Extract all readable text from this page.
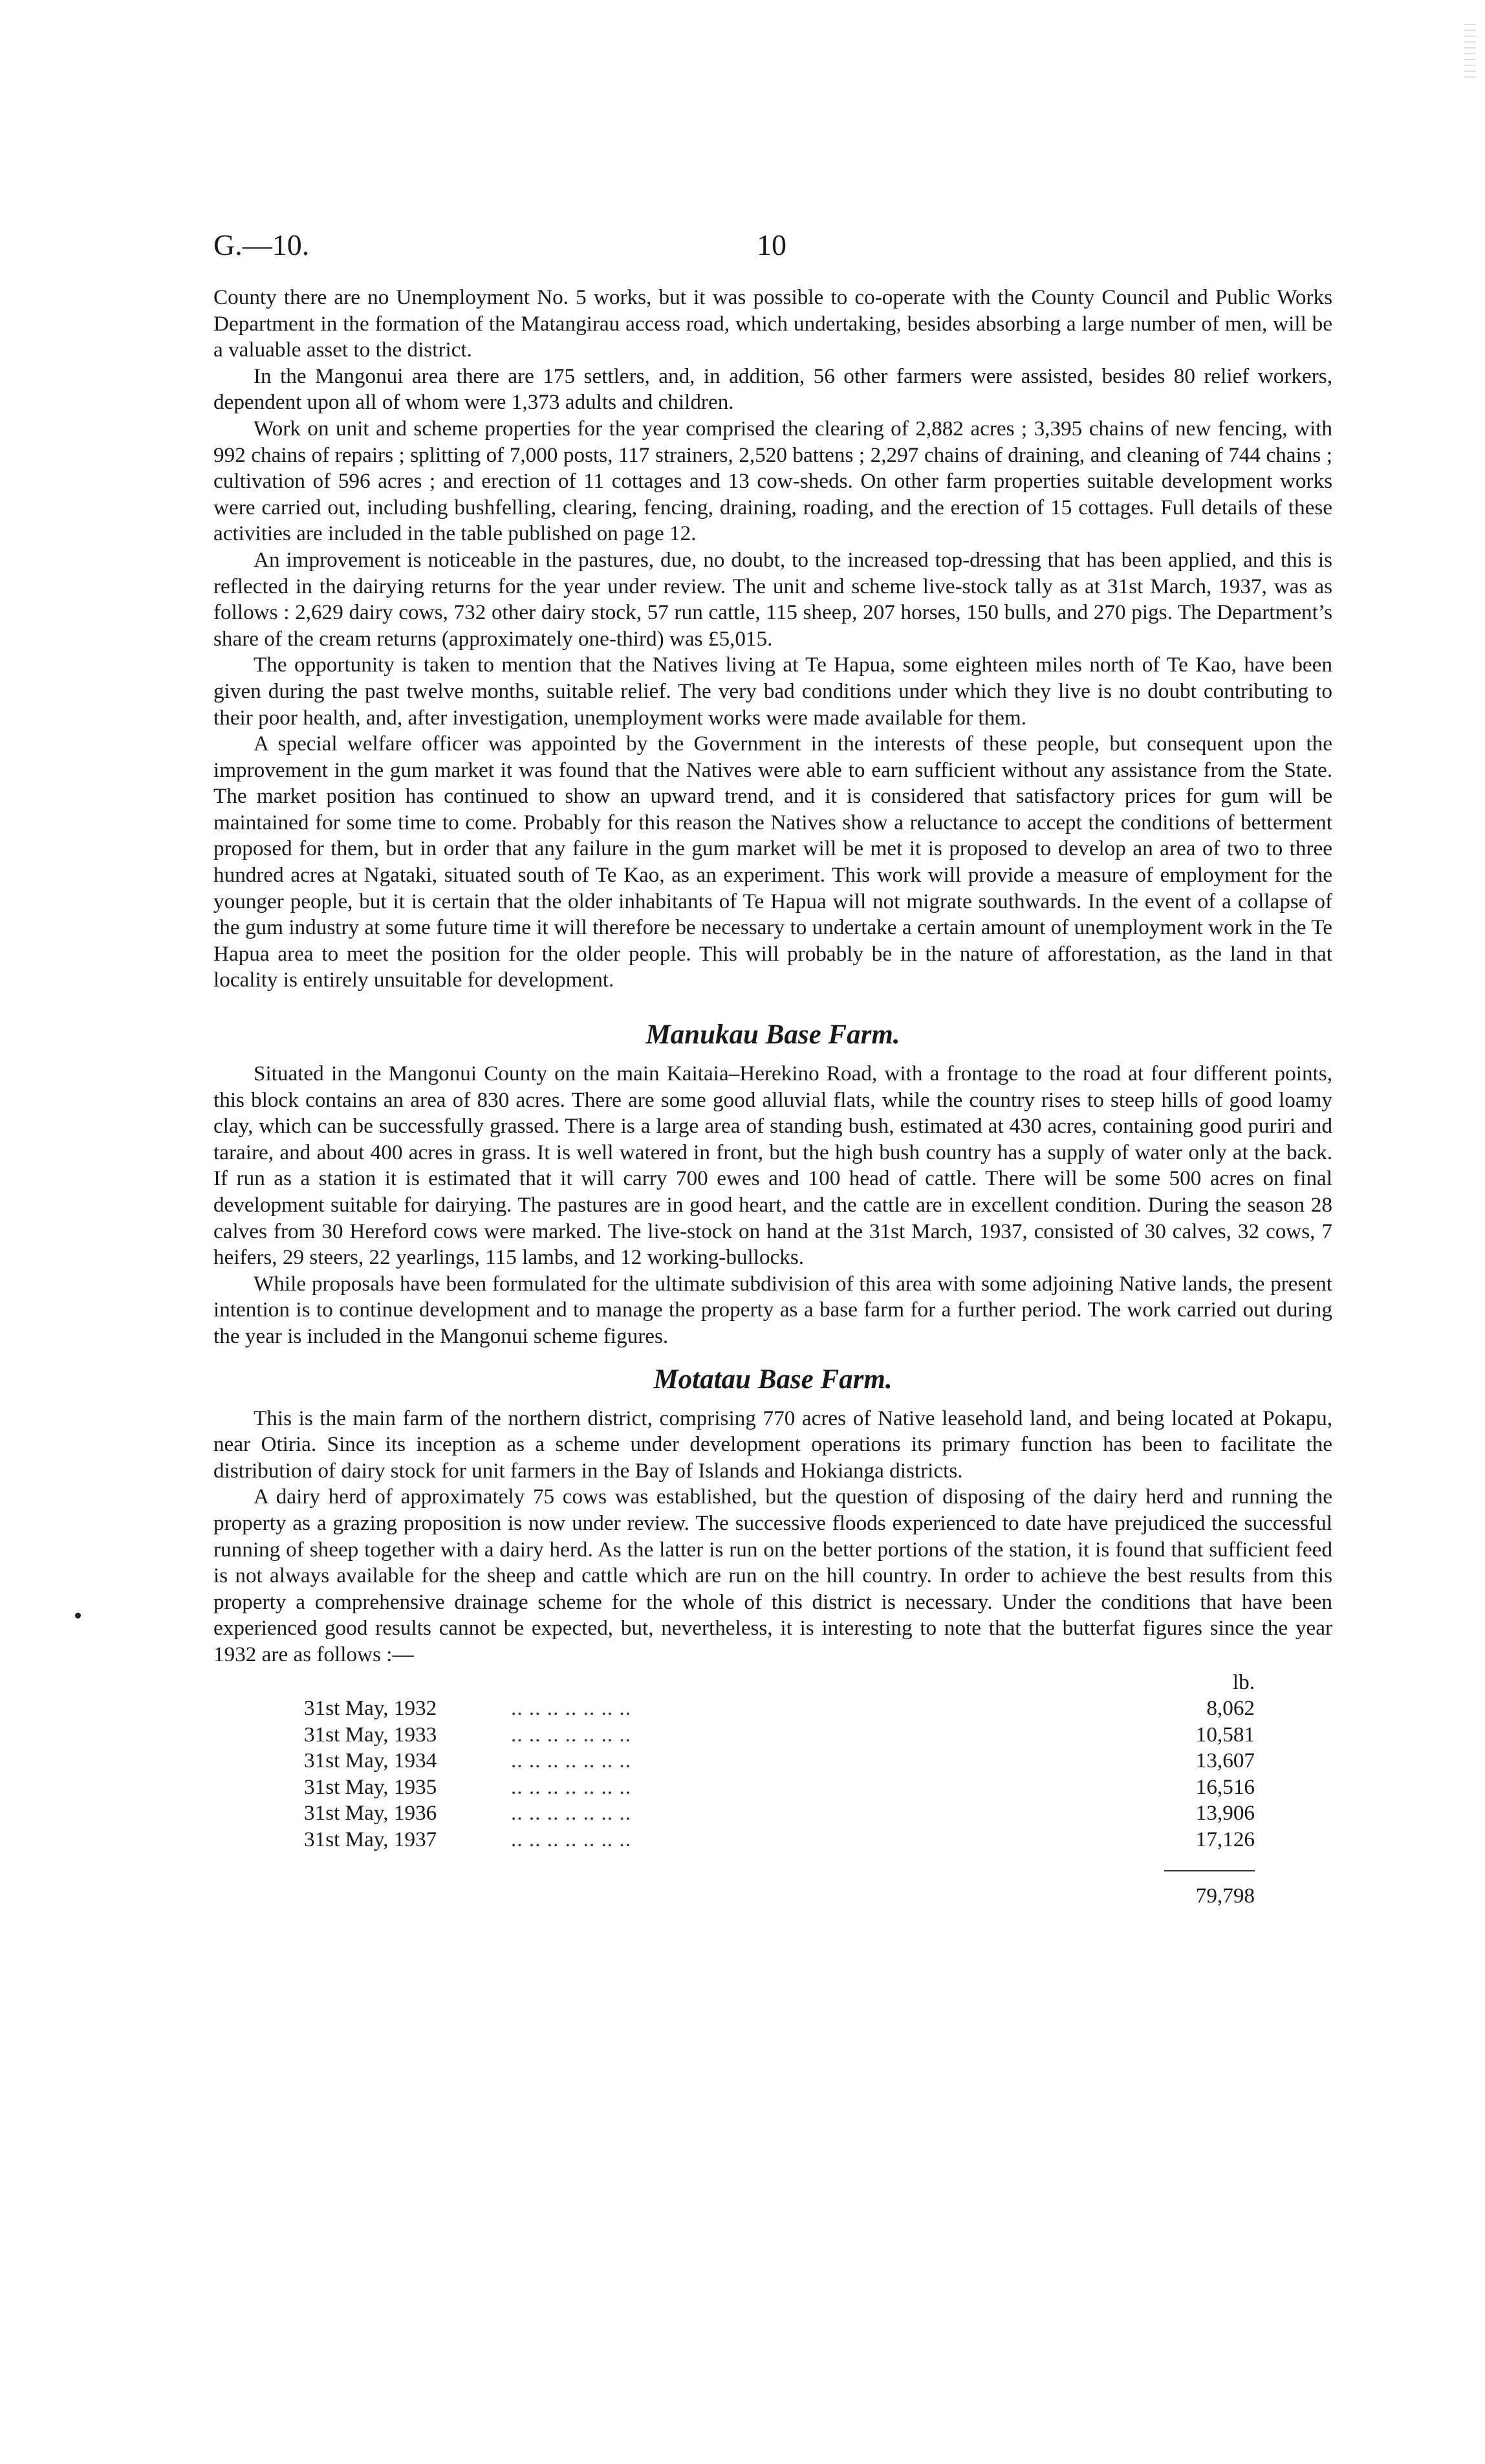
G.—10.	10

County there are no Unemployment No. 5 works, but it was possible to co-operate with the County Council and Public Works Department in the formation of the Matangirau access road, which undertaking, besides absorbing a large number of men, will be a valuable asset to the district.

In the Mangonui area there are 175 settlers, and, in addition, 56 other farmers were assisted, besides 80 relief workers, dependent upon all of whom were 1,373 adults and children.

Work on unit and scheme properties for the year comprised the clearing of 2,882 acres ; 3,395 chains of new fencing, with 992 chains of repairs ; splitting of 7,000 posts, 117 strainers, 2,520 battens ; 2,297 chains of draining, and cleaning of 744 chains ; cultivation of 596 acres ; and erection of 11 cottages and 13 cow-sheds. On other farm properties suitable development works were carried out, including bushfelling, clearing, fencing, draining, roading, and the erection of 15 cottages. Full details of these activities are included in the table published on page 12.

An improvement is noticeable in the pastures, due, no doubt, to the increased top-dressing that has been applied, and this is reflected in the dairying returns for the year under review. The unit and scheme live-stock tally as at 31st March, 1937, was as follows : 2,629 dairy cows, 732 other dairy stock, 57 run cattle, 115 sheep, 207 horses, 150 bulls, and 270 pigs. The Department’s share of the cream returns (approximately one-third) was £5,015.

The opportunity is taken to mention that the Natives living at Te Hapua, some eighteen miles north of Te Kao, have been given during the past twelve months, suitable relief. The very bad conditions under which they live is no doubt contributing to their poor health, and, after investigation, unemployment works were made available for them.

A special welfare officer was appointed by the Government in the interests of these people, but consequent upon the improvement in the gum market it was found that the Natives were able to earn sufficient without any assistance from the State. The market position has continued to show an upward trend, and it is considered that satisfactory prices for gum will be maintained for some time to come. Probably for this reason the Natives show a reluctance to accept the conditions of betterment proposed for them, but in order that any failure in the gum market will be met it is proposed to develop an area of two to three hundred acres at Ngataki, situated south of Te Kao, as an experiment. This work will provide a measure of employment for the younger people, but it is certain that the older inhabitants of Te Hapua will not migrate southwards. In the event of a collapse of the gum industry at some future time it will therefore be necessary to undertake a certain amount of unemployment work in the Te Hapua area to meet the position for the older people. This will probably be in the nature of afforestation, as the land in that locality is entirely unsuitable for development.

Manukau Base Farm.

Situated in the Mangonui County on the main Kaitaia–Herekino Road, with a frontage to the road at four different points, this block contains an area of 830 acres. There are some good alluvial flats, while the country rises to steep hills of good loamy clay, which can be successfully grassed. There is a large area of standing bush, estimated at 430 acres, containing good puriri and taraire, and about 400 acres in grass. It is well watered in front, but the high bush country has a supply of water only at the back. If run as a station it is estimated that it will carry 700 ewes and 100 head of cattle. There will be some 500 acres on final development suitable for dairying. The pastures are in good heart, and the cattle are in excellent condition. During the season 28 calves from 30 Hereford cows were marked. The live-stock on hand at the 31st March, 1937, consisted of 30 calves, 32 cows, 7 heifers, 29 steers, 22 yearlings, 115 lambs, and 12 working-bullocks.

While proposals have been formulated for the ultimate subdivision of this area with some adjoining Native lands, the present intention is to continue development and to manage the property as a base farm for a further period. The work carried out during the year is included in the Mangonui scheme figures.

Motatau Base Farm.

This is the main farm of the northern district, comprising 770 acres of Native leasehold land, and being located at Pokapu, near Otiria. Since its inception as a scheme under development operations its primary function has been to facilitate the distribution of dairy stock for unit farmers in the Bay of Islands and Hokianga districts.

A dairy herd of approximately 75 cows was established, but the question of disposing of the dairy herd and running the property as a grazing proposition is now under review. The successive floods experienced to date have prejudiced the successful running of sheep together with a dairy herd. As the latter is run on the better portions of the station, it is found that sufficient feed is not always available for the sheep and cattle which are run on the hill country. In order to achieve the best results from this property a comprehensive drainage scheme for the whole of this district is necessary. Under the conditions that have been experienced good results cannot be expected, but, nevertheless, it is interesting to note that the butterfat figures since the year 1932 are as follows :—

lb.
31st May, 1932	.. .. .. .. .. .. ..	8,062
31st May, 1933	.. .. .. .. .. .. ..	10,581
31st May, 1934	.. .. .. .. .. .. ..	13,607
31st May, 1935	.. .. .. .. .. .. ..	16,516
31st May, 1936	.. .. .. .. .. .. ..	13,906
31st May, 1937	.. .. .. .. .. .. ..	17,126
79,798
